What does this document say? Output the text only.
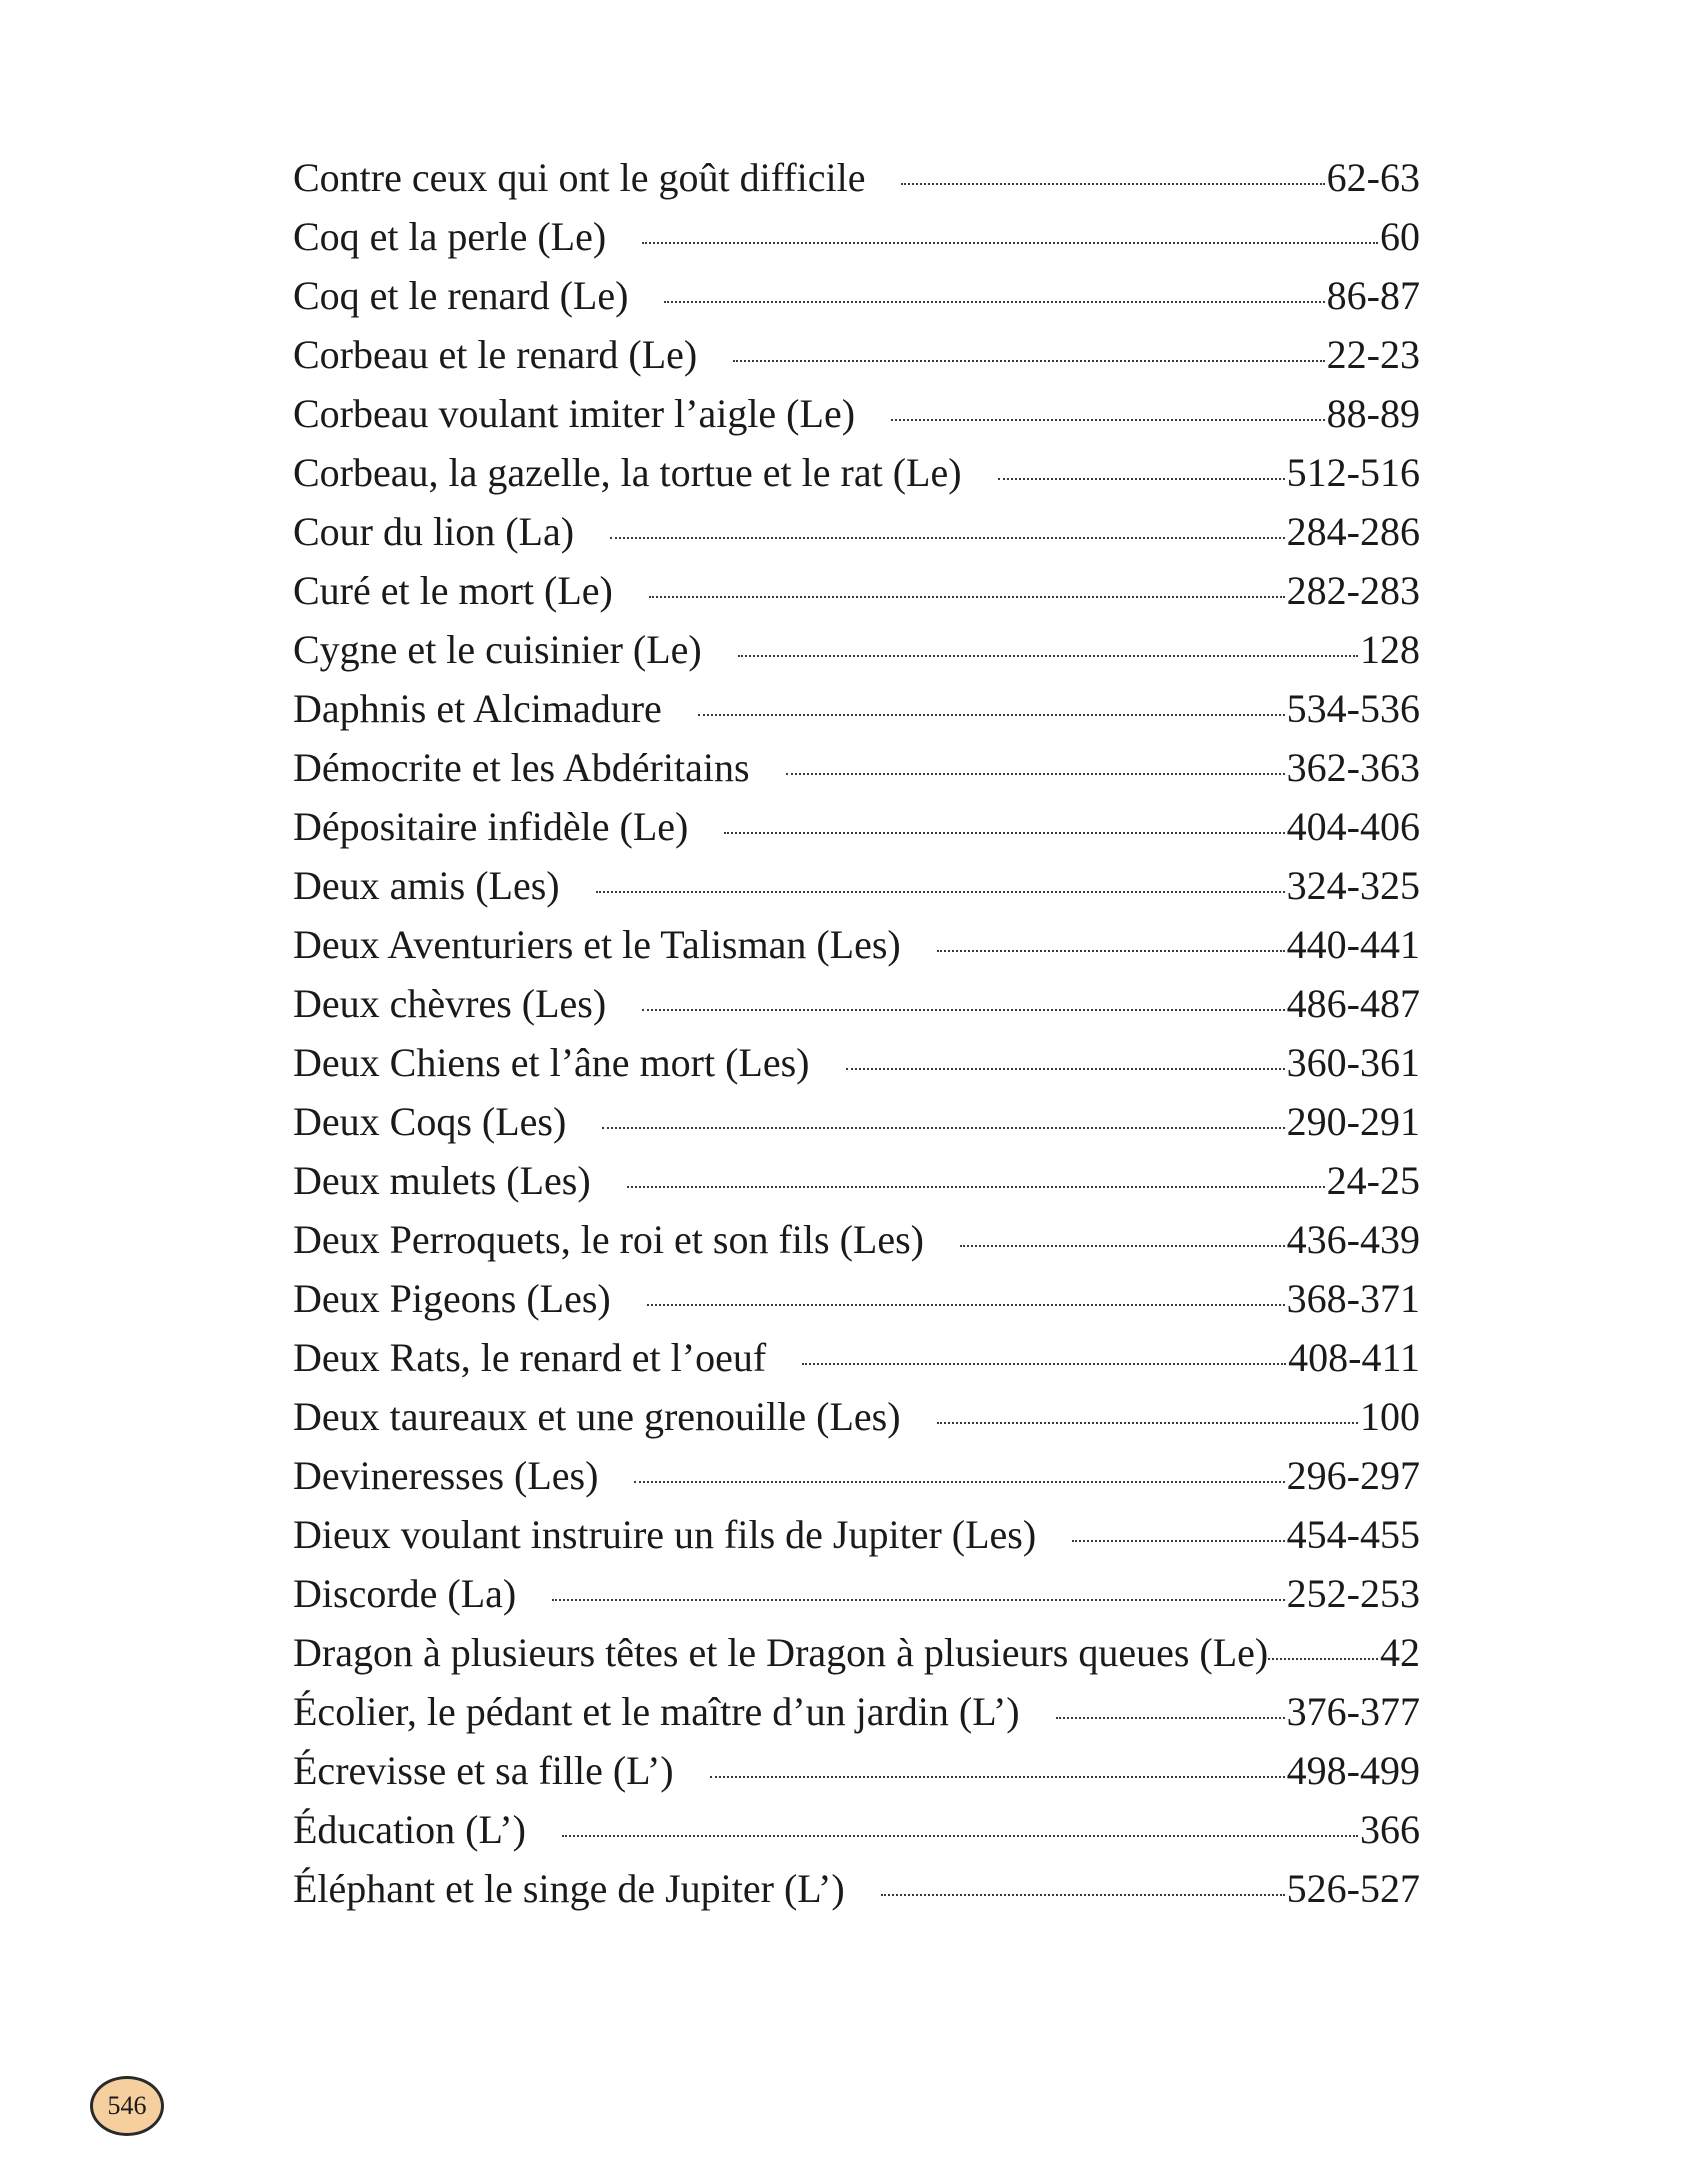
Contre ceux qui ont le goût difficile	62-63
Coq et la perle (Le)	60
Coq et le renard (Le)	86-87
Corbeau et le renard (Le)	22-23
Corbeau voulant imiter l’aigle (Le)	88-89
Corbeau, la gazelle, la tortue et le rat (Le)	512-516
Cour du lion (La)	284-286
Curé et le mort (Le)	282-283
Cygne et le cuisinier (Le)	128
Daphnis et Alcimadure	534-536
Démocrite et les Abdéritains	362-363
Dépositaire infidèle (Le)	404-406
Deux amis (Les)	324-325
Deux Aventuriers et le Talisman (Les)	440-441
Deux chèvres (Les)	486-487
Deux Chiens et l’âne mort (Les)	360-361
Deux Coqs (Les)	290-291
Deux mulets (Les)	24-25
Deux Perroquets, le roi et son fils (Les)	436-439
Deux Pigeons (Les)	368-371
Deux Rats, le renard et l’oeuf	408-411
Deux taureaux et une grenouille (Les)	100
Devineresses (Les)	296-297
Dieux voulant instruire un fils de Jupiter (Les)	454-455
Discorde (La)	252-253
Dragon à plusieurs têtes et le Dragon à plusieurs queues (Le)	42
Écolier, le pédant et le maître d’un jardin (L’)	376-377
Écrevisse et sa fille (L’)	498-499
Éducation (L’)	366
Éléphant et le singe de Jupiter (L’)	526-527
546
